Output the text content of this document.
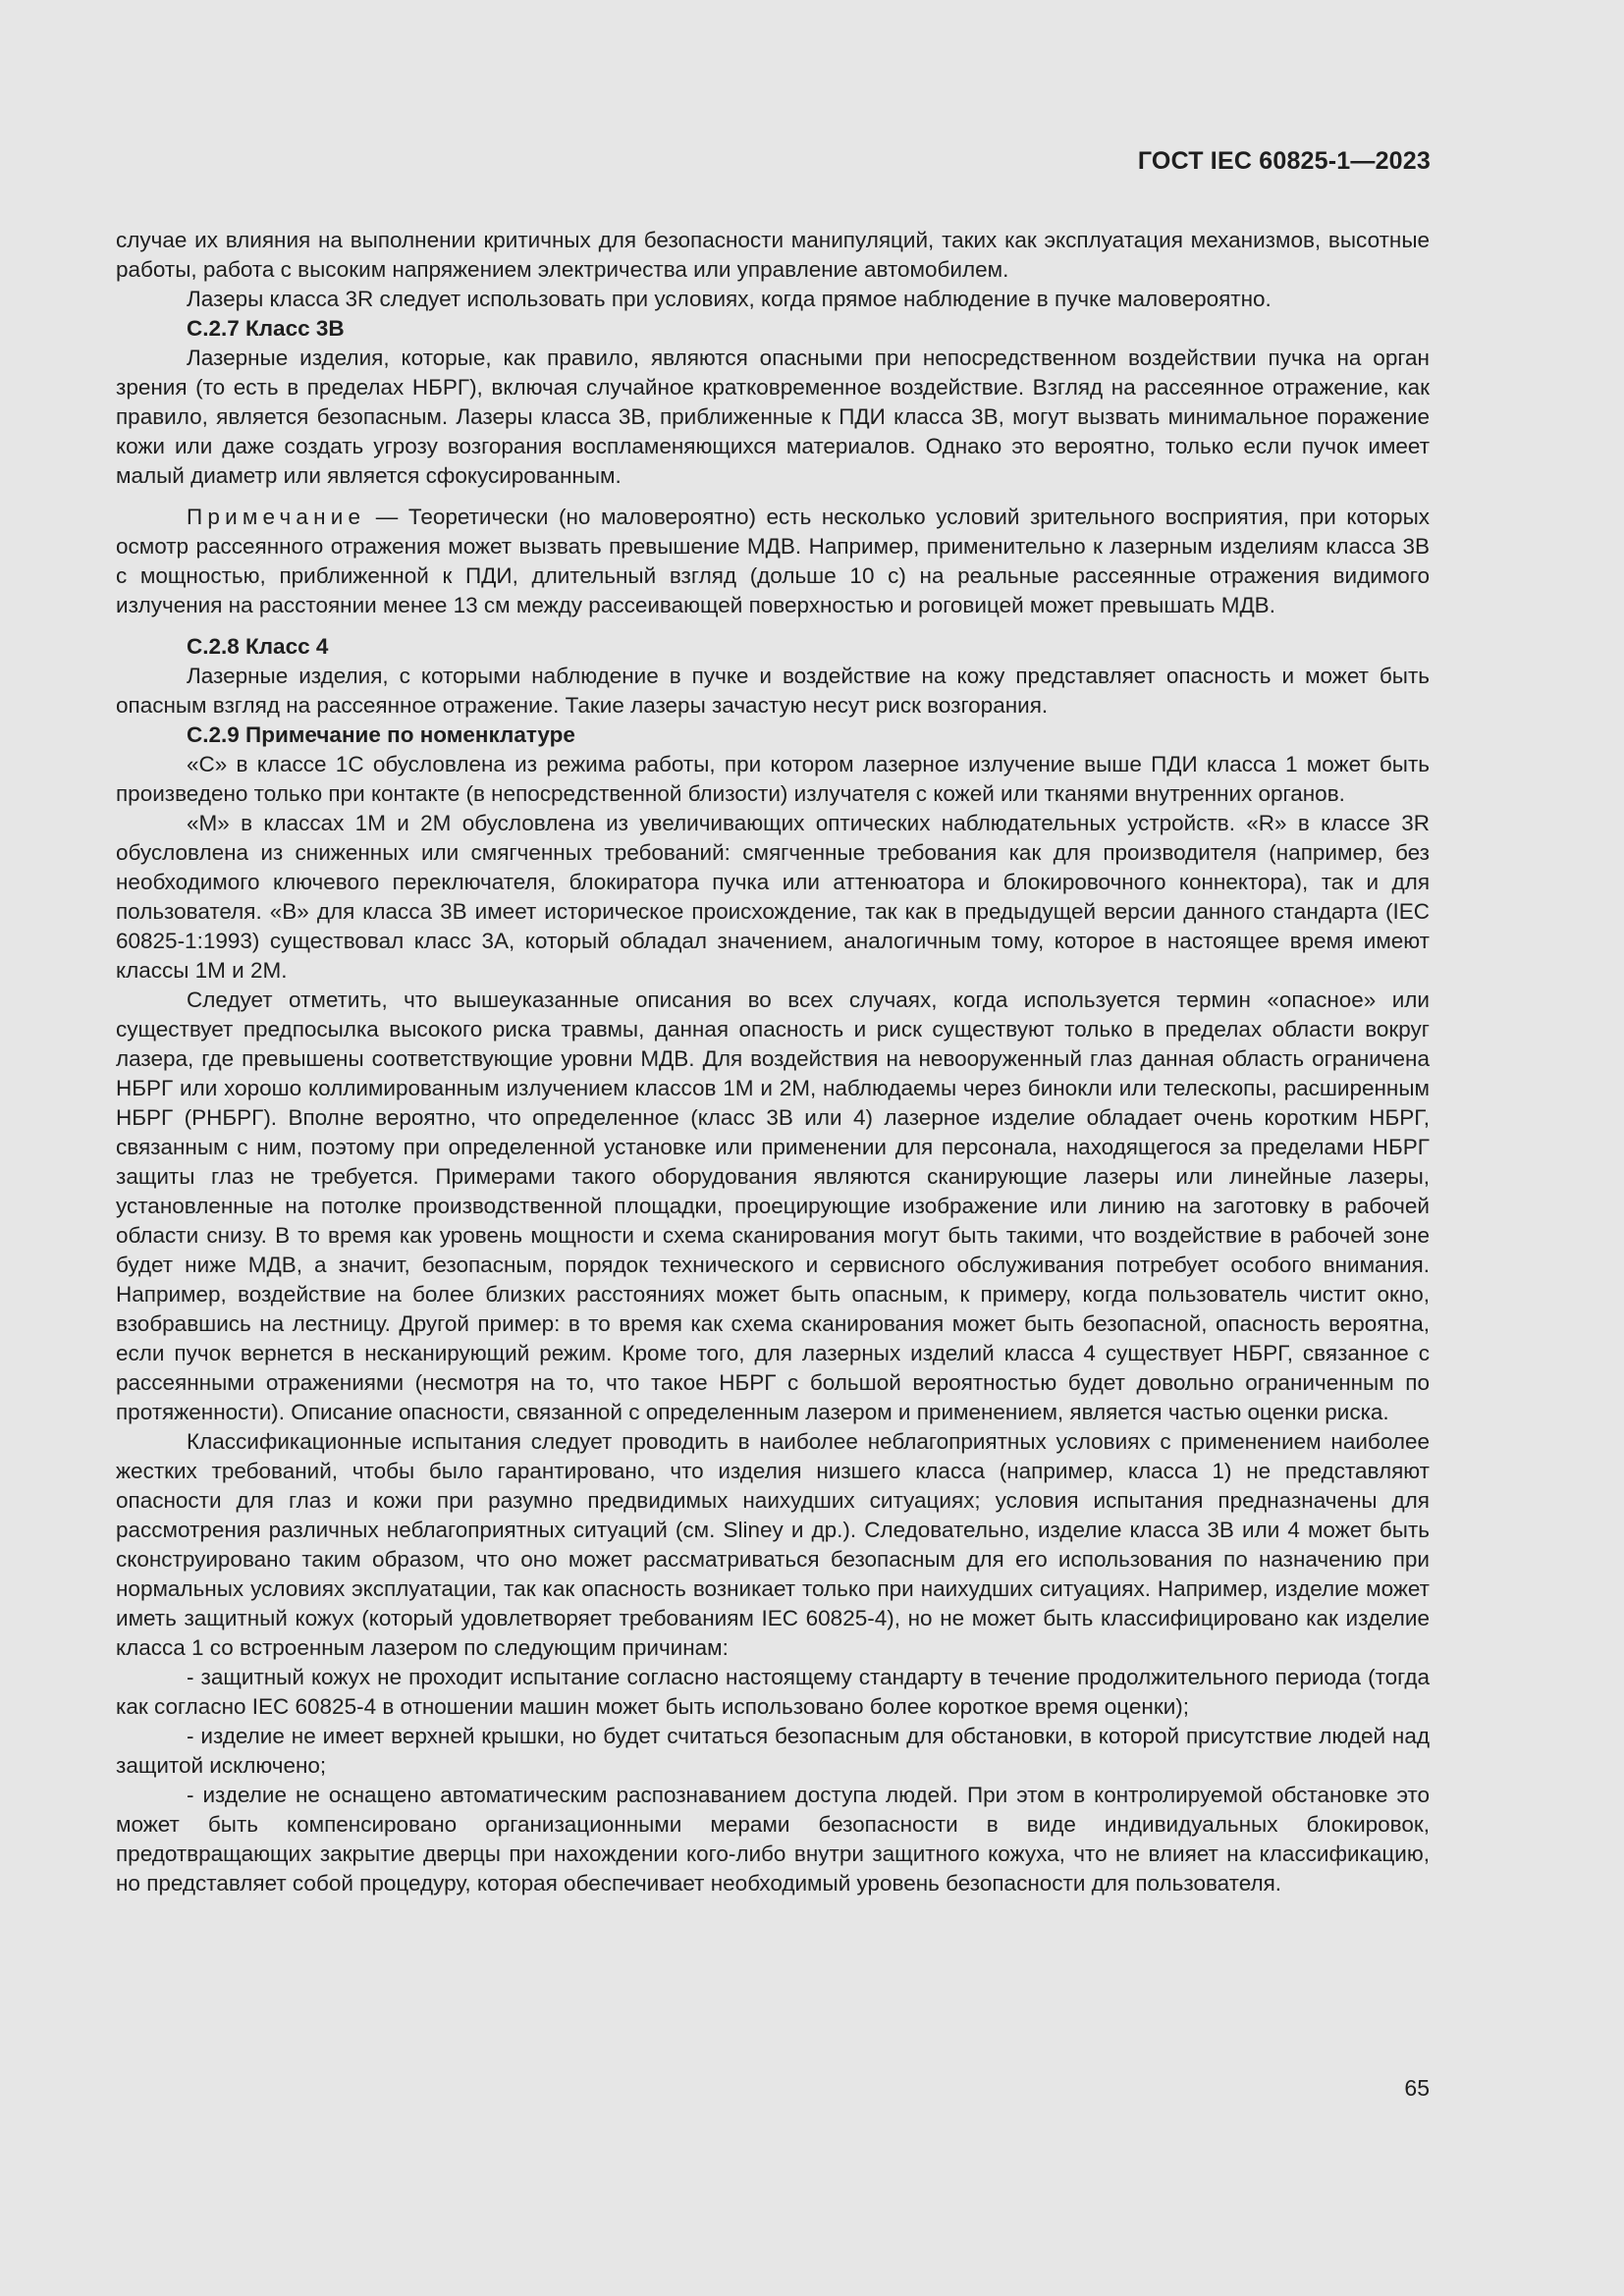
ГОСТ IEC 60825-1—2023

случае их влияния на выполнении критичных для безопасности манипуляций, таких как эксплуатация механизмов, высотные работы, работа с высоким напряжением электричества или управление автомобилем.

Лазеры класса 3R следует использовать при условиях, когда прямое наблюдение в пучке маловероятно.

С.2.7 Класс 3В

Лазерные изделия, которые, как правило, являются опасными при непосредственном воздействии пучка на орган зрения (то есть в пределах НБРГ), включая случайное кратковременное воздействие. Взгляд на рассеянное отражение, как правило, является безопасным. Лазеры класса 3В, приближенные к ПДИ класса 3В, могут вызвать минимальное поражение кожи или даже создать угрозу возгорания воспламеняющихся материалов. Однако это вероятно, только если пучок имеет малый диаметр или является сфокусированным.

Примечание — Теоретически (но маловероятно) есть несколько условий зрительного восприятия, при которых осмотр рассеянного отражения может вызвать превышение МДВ. Например, применительно к лазерным изделиям класса 3В с мощностью, приближенной к ПДИ, длительный взгляд (дольше 10 с) на реальные рассеянные отражения видимого излучения на расстоянии менее 13 см между рассеивающей поверхностью и роговицей может превышать МДВ.

С.2.8 Класс 4

Лазерные изделия, с которыми наблюдение в пучке и воздействие на кожу представляет опасность и может быть опасным взгляд на рассеянное отражение. Такие лазеры зачастую несут риск возгорания.

С.2.9 Примечание по номенклатуре

«С» в классе 1С обусловлена из режима работы, при котором лазерное излучение выше ПДИ класса 1 может быть произведено только при контакте (в непосредственной близости) излучателя с кожей или тканями внутренних органов.

«М» в классах 1М и 2М обусловлена из увеличивающих оптических наблюдательных устройств. «R» в классе 3R обусловлена из сниженных или смягченных требований: смягченные требования как для производителя (например, без необходимого ключевого переключателя, блокиратора пучка или аттенюатора и блокировочного коннектора), так и для пользователя. «В» для класса 3В имеет историческое происхождение, так как в предыдущей версии данного стандарта (IEC 60825-1:1993) существовал класс 3А, который обладал значением, аналогичным тому, которое в настоящее время имеют классы 1М и 2М.

Следует отметить, что вышеуказанные описания во всех случаях, когда используется термин «опасное» или существует предпосылка высокого риска травмы, данная опасность и риск существуют только в пределах области вокруг лазера, где превышены соответствующие уровни МДВ. Для воздействия на невооруженный глаз данная область ограничена НБРГ или хорошо коллимированным излучением классов 1М и 2М, наблюдаемы через бинокли или телескопы, расширенным НБРГ (РНБРГ). Вполне вероятно, что определенное (класс 3В или 4) лазерное изделие обладает очень коротким НБРГ, связанным с ним, поэтому при определенной установке или применении для персонала, находящегося за пределами НБРГ защиты глаз не требуется. Примерами такого оборудования являются сканирующие лазеры или линейные лазеры, установленные на потолке производственной площадки, проецирующие изображение или линию на заготовку в рабочей области снизу. В то время как уровень мощности и схема сканирования могут быть такими, что воздействие в рабочей зоне будет ниже МДВ, а значит, безопасным, порядок технического и сервисного обслуживания потребует особого внимания. Например, воздействие на более близких расстояниях может быть опасным, к примеру, когда пользователь чистит окно, взобравшись на лестницу. Другой пример: в то время как схема сканирования может быть безопасной, опасность вероятна, если пучок вернется в несканирующий режим. Кроме того, для лазерных изделий класса 4 существует НБРГ, связанное с рассеянными отражениями (несмотря на то, что такое НБРГ с большой вероятностью будет довольно ограниченным по протяженности). Описание опасности, связанной с определенным лазером и применением, является частью оценки риска.

Классификационные испытания следует проводить в наиболее неблагоприятных условиях с применением наиболее жестких требований, чтобы было гарантировано, что изделия низшего класса (например, класса 1) не представляют опасности для глаз и кожи при разумно предвидимых наихудших ситуациях; условия испытания предназначены для рассмотрения различных неблагоприятных ситуаций (см. Sliney и др.). Следовательно, изделие класса 3В или 4 может быть сконструировано таким образом, что оно может рассматриваться безопасным для его использования по назначению при нормальных условиях эксплуатации, так как опасность возникает только при наихудших ситуациях. Например, изделие может иметь защитный кожух (который удовлетворяет требованиям IEC 60825-4), но не может быть классифицировано как изделие класса 1 со встроенным лазером по следующим причинам:

- защитный кожух не проходит испытание согласно настоящему стандарту в течение продолжительного периода (тогда как согласно IEC 60825-4 в отношении машин может быть использовано более короткое время оценки);

- изделие не имеет верхней крышки, но будет считаться безопасным для обстановки, в которой присутствие людей над защитой исключено;

- изделие не оснащено автоматическим распознаванием доступа людей. При этом в контролируемой обстановке это может быть компенсировано организационными мерами безопасности в виде индивидуальных блокировок, предотвращающих закрытие дверцы при нахождении кого-либо внутри защитного кожуха, что не влияет на классификацию, но представляет собой процедуру, которая обеспечивает необходимый уровень безопасности для пользователя.

65
